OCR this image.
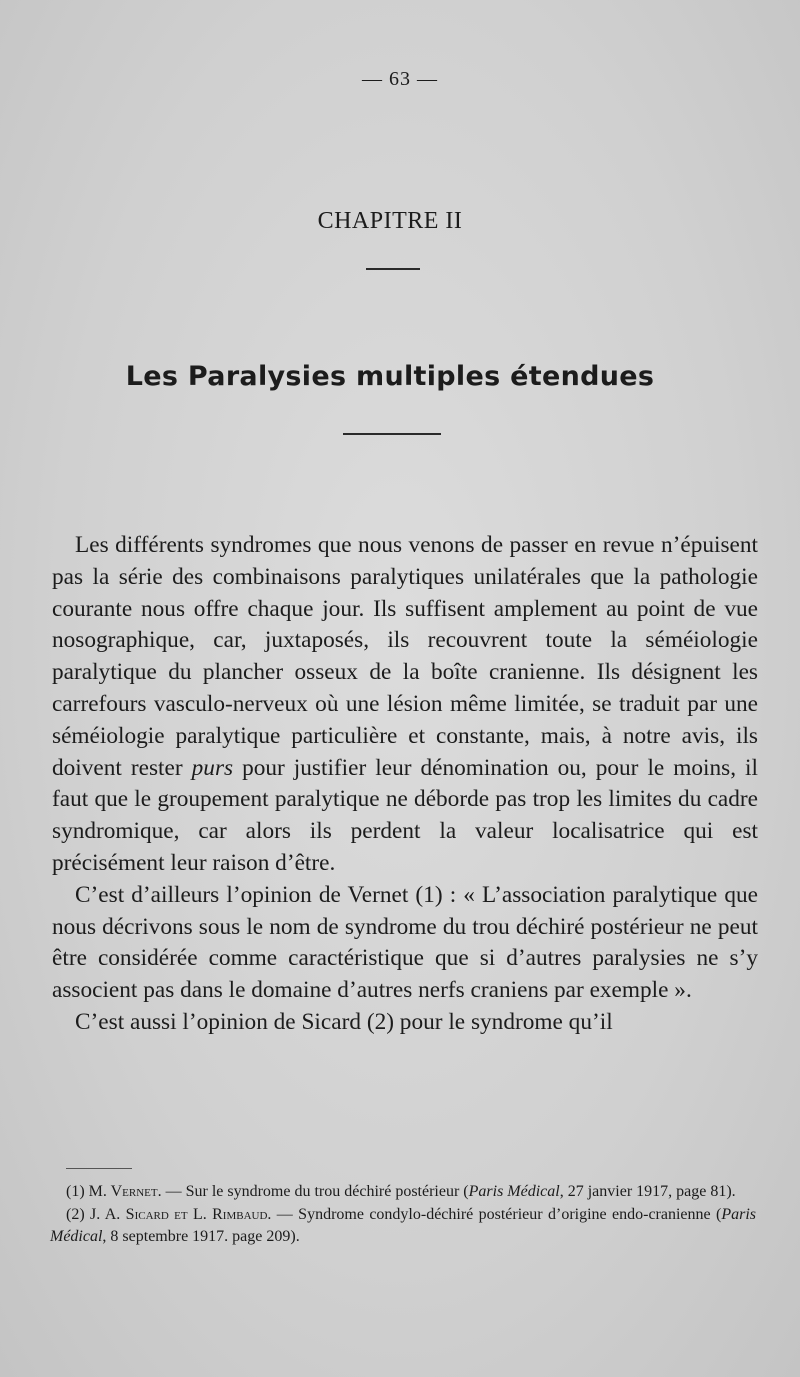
— 63 —
CHAPITRE II
Les Paralysies multiples étendues

Les différents syndromes que nous venons de passer en revue n’épuisent pas la série des combinaisons paralytiques unilatérales que la pathologie courante nous offre chaque jour. Ils suffisent amplement au point de vue nosographique, car, juxtaposés, ils recouvrent toute la séméiologie paralytique du plancher osseux de la boîte cranienne. Ils désignent les carrefours vasculo-nerveux où une lésion même limitée, se traduit par une séméiologie paralytique particulière et constante, mais, à notre avis, ils doivent rester purs pour justifier leur dénomination ou, pour le moins, il faut que le groupement paralytique ne déborde pas trop les limites du cadre syndromique, car alors ils perdent la valeur localisatrice qui est précisément leur raison d’être.

C’est d’ailleurs l’opinion de Vernet (1) : « L’association paralytique que nous décrivons sous le nom de syndrome du trou déchiré postérieur ne peut être considérée comme caractéristique que si d’autres paralysies ne s’y associent pas dans le domaine d’autres nerfs craniens par exemple ».

C’est aussi l’opinion de Sicard (2) pour le syndrome qu’il

(1) M. Vernet. — Sur le syndrome du trou déchiré postérieur (Paris Médical, 27 janvier 1917, page 81).

(2) J. A. Sicard et L. Rimbaud. — Syndrome condylo-déchiré postérieur d’origine endo-cranienne (Paris Médical, 8 septembre 1917. page 209).
